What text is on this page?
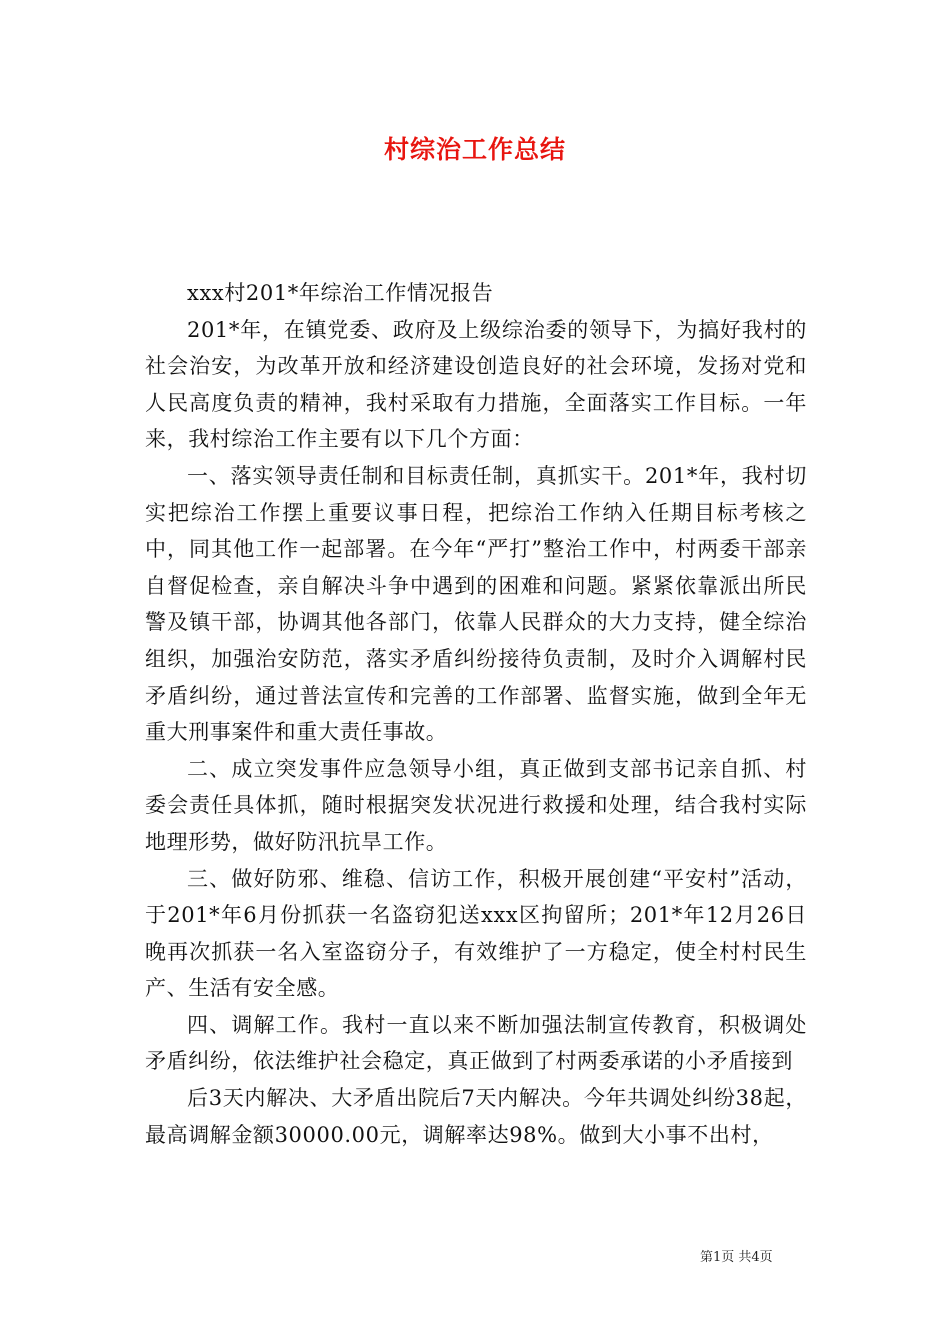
村综治工作总结

xxx村201*年综治工作情况报告

201*年，在镇党委、政府及上级综治委的领导下，为搞好我村的社会治安，为改革开放和经济建设创造良好的社会环境，发扬对党和人民高度负责的精神，我村采取有力措施，全面落实工作目标。一年来，我村综治工作主要有以下几个方面：

一、落实领导责任制和目标责任制，真抓实干。201*年，我村切实把综治工作摆上重要议事日程，把综治工作纳入任期目标考核之中，同其他工作一起部署。在今年“严打”整治工作中，村两委干部亲自督促检查，亲自解决斗争中遇到的困难和问题。紧紧依靠派出所民警及镇干部，协调其他各部门，依靠人民群众的大力支持，健全综治组织，加强治安防范，落实矛盾纠纷接待负责制，及时介入调解村民矛盾纠纷，通过普法宣传和完善的工作部署、监督实施，做到全年无重大刑事案件和重大责任事故。

二、成立突发事件应急领导小组，真正做到支部书记亲自抓、村委会责任具体抓，随时根据突发状况进行救援和处理，结合我村实际地理形势，做好防汛抗旱工作。

三、做好防邪、维稳、信访工作，积极开展创建“平安村”活动，于201*年6月份抓获一名盗窃犯送xxx区拘留所；201*年12月26日晚再次抓获一名入室盗窃分子，有效维护了一方稳定，使全村村民生产、生活有安全感。

四、调解工作。我村一直以来不断加强法制宣传教育，积极调处矛盾纠纷，依法维护社会稳定，真正做到了村两委承诺的小矛盾接到

后3天内解决、大矛盾出院后7天内解决。今年共调处纠纷38起，最高调解金额30000.00元，调解率达98%。做到大小事不出村，

第1页 共4页
